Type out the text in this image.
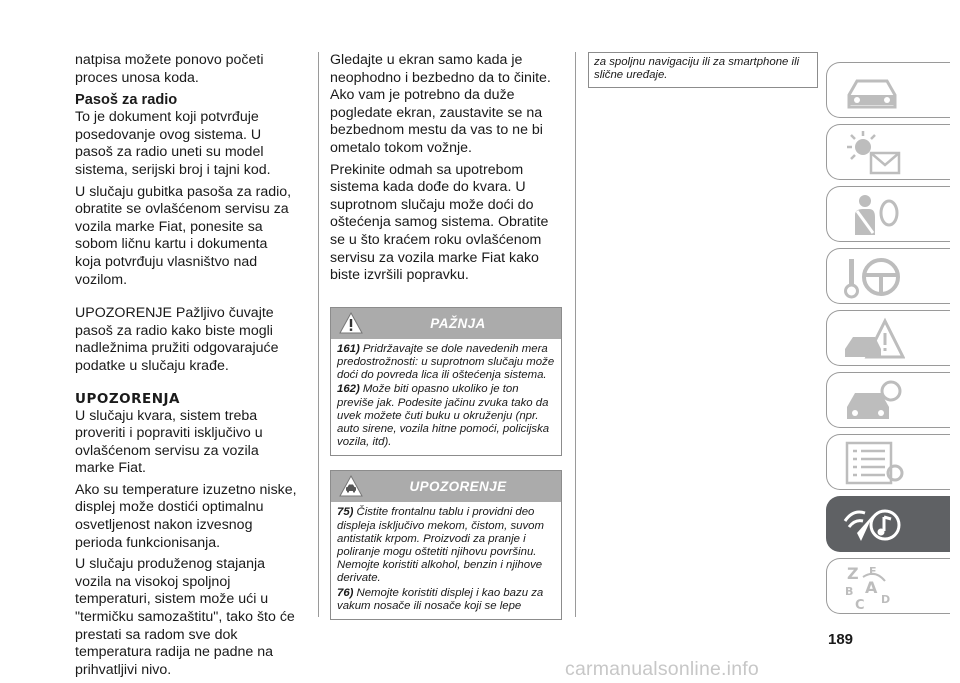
natpisa možete ponovo početi proces unosa koda.

Pasoš za radio

To je dokument koji potvrđuje posedovanje ovog sistema. U pasoš za radio uneti su model sistema, serijski broj i tajni kod.

U slučaju gubitka pasoša za radio, obratite se ovlašćenom servisu za vozila marke Fiat, ponesite sa sobom ličnu kartu i dokumenta koja potvrđuju vlasništvo nad vozilom.

UPOZORENJE Pažljivo čuvajte pasoš za radio kako biste mogli nadležnima pružiti odgovarajuće podatke u slučaju krađe.

UPOZORENJA

U slučaju kvara, sistem treba proveriti i popraviti isključivo u ovlašćenom servisu za vozila marke Fiat.

Ako su temperature izuzetno niske, displej može dostići optimalnu osvetljenost nakon izvesnog perioda funkcionisanja.

U slučaju produženog stajanja vozila na visokoj spoljnoj temperaturi, sistem može ući u "termičku samozaštitu", tako što će prestati sa radom sve dok temperatura radija ne padne na prihvatljivi nivo.

Gledajte u ekran samo kada je neophodno i bezbedno da to činite. Ako vam je potrebno da duže pogledate ekran, zaustavite se na bezbednom mestu da vas to ne bi ometalo tokom vožnje.

Prekinite odmah sa upotrebom sistema kada dođe do kvara. U suprotnom slučaju može doći do oštećenja samog sistema. Obratite se u što kraćem roku ovlašćenom servisu za vozila marke Fiat kako biste izvršili popravku.

PAŽNJA

161) Pridržavajte se dole navedenih mera predostrožnosti: u suprotnom slučaju može doći do povreda lica ili oštećenja sistema.

162) Može biti opasno ukoliko je ton previše jak. Podesite jačinu zvuka tako da uvek možete čuti buku u okruženju (npr. auto sirene, vozila hitne pomoći, policijska vozila, itd).

UPOZORENJE

75) Čistite frontalnu tablu i providni deo displeja isključivo mekom, čistom, suvom antistatik krpom. Proizvodi za pranje i poliranje mogu oštetiti njihovu površinu. Nemojte koristiti alkohol, benzin i njihove derivate.

76) Nemojte koristiti displej i kao bazu za vakum nosače ili nosače koji se lepe

za spoljnu navigaciju ili za smartphone ili slične uređaje.

Z E
B A
C D
189
carmanualsonline.info
